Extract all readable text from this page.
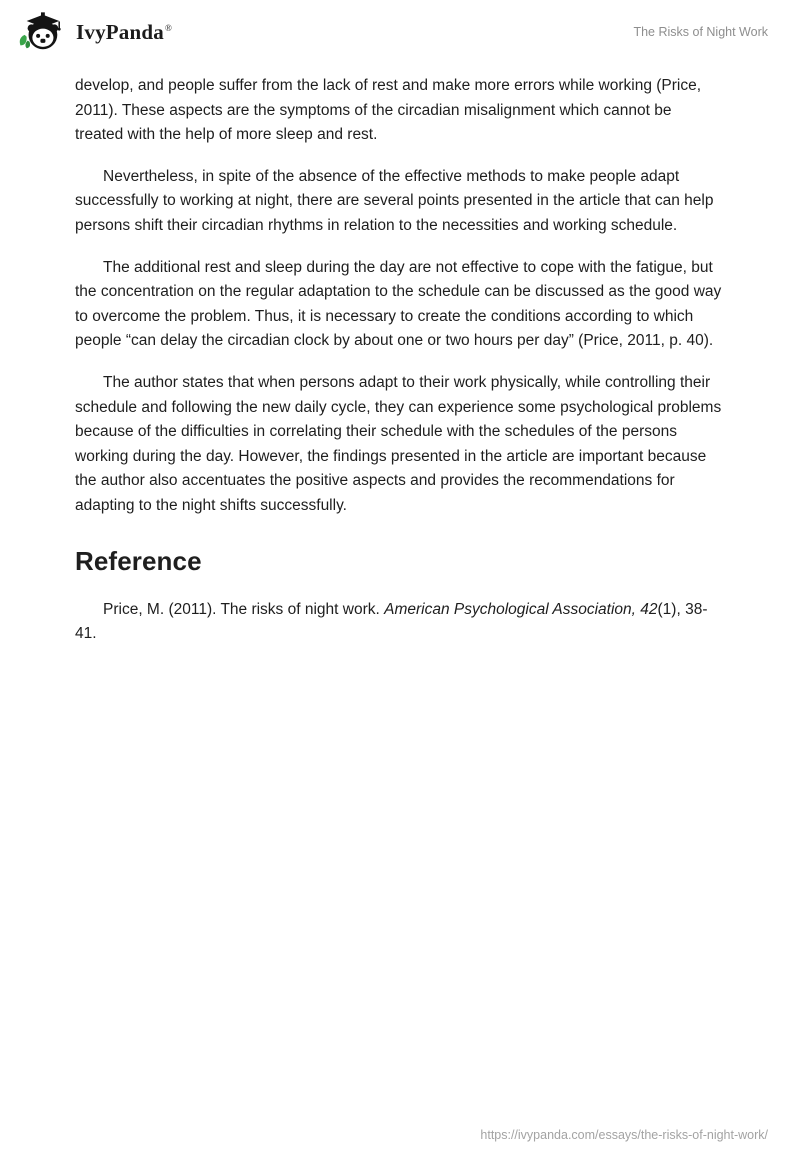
IvyPanda®	The Risks of Night Work

develop, and people suffer from the lack of rest and make more errors while working (Price, 2011). These aspects are the symptoms of the circadian misalignment which cannot be treated with the help of more sleep and rest.

Nevertheless, in spite of the absence of the effective methods to make people adapt successfully to working at night, there are several points presented in the article that can help persons shift their circadian rhythms in relation to the necessities and working schedule.

The additional rest and sleep during the day are not effective to cope with the fatigue, but the concentration on the regular adaptation to the schedule can be discussed as the good way to overcome the problem. Thus, it is necessary to create the conditions according to which people “can delay the circadian clock by about one or two hours per day” (Price, 2011, p. 40).

The author states that when persons adapt to their work physically, while controlling their schedule and following the new daily cycle, they can experience some psychological problems because of the difficulties in correlating their schedule with the schedules of the persons working during the day. However, the findings presented in the article are important because the author also accentuates the positive aspects and provides the recommendations for adapting to the night shifts successfully.

Reference

Price, M. (2011). The risks of night work. American Psychological Association, 42(1), 38-41.

https://ivypanda.com/essays/the-risks-of-night-work/
